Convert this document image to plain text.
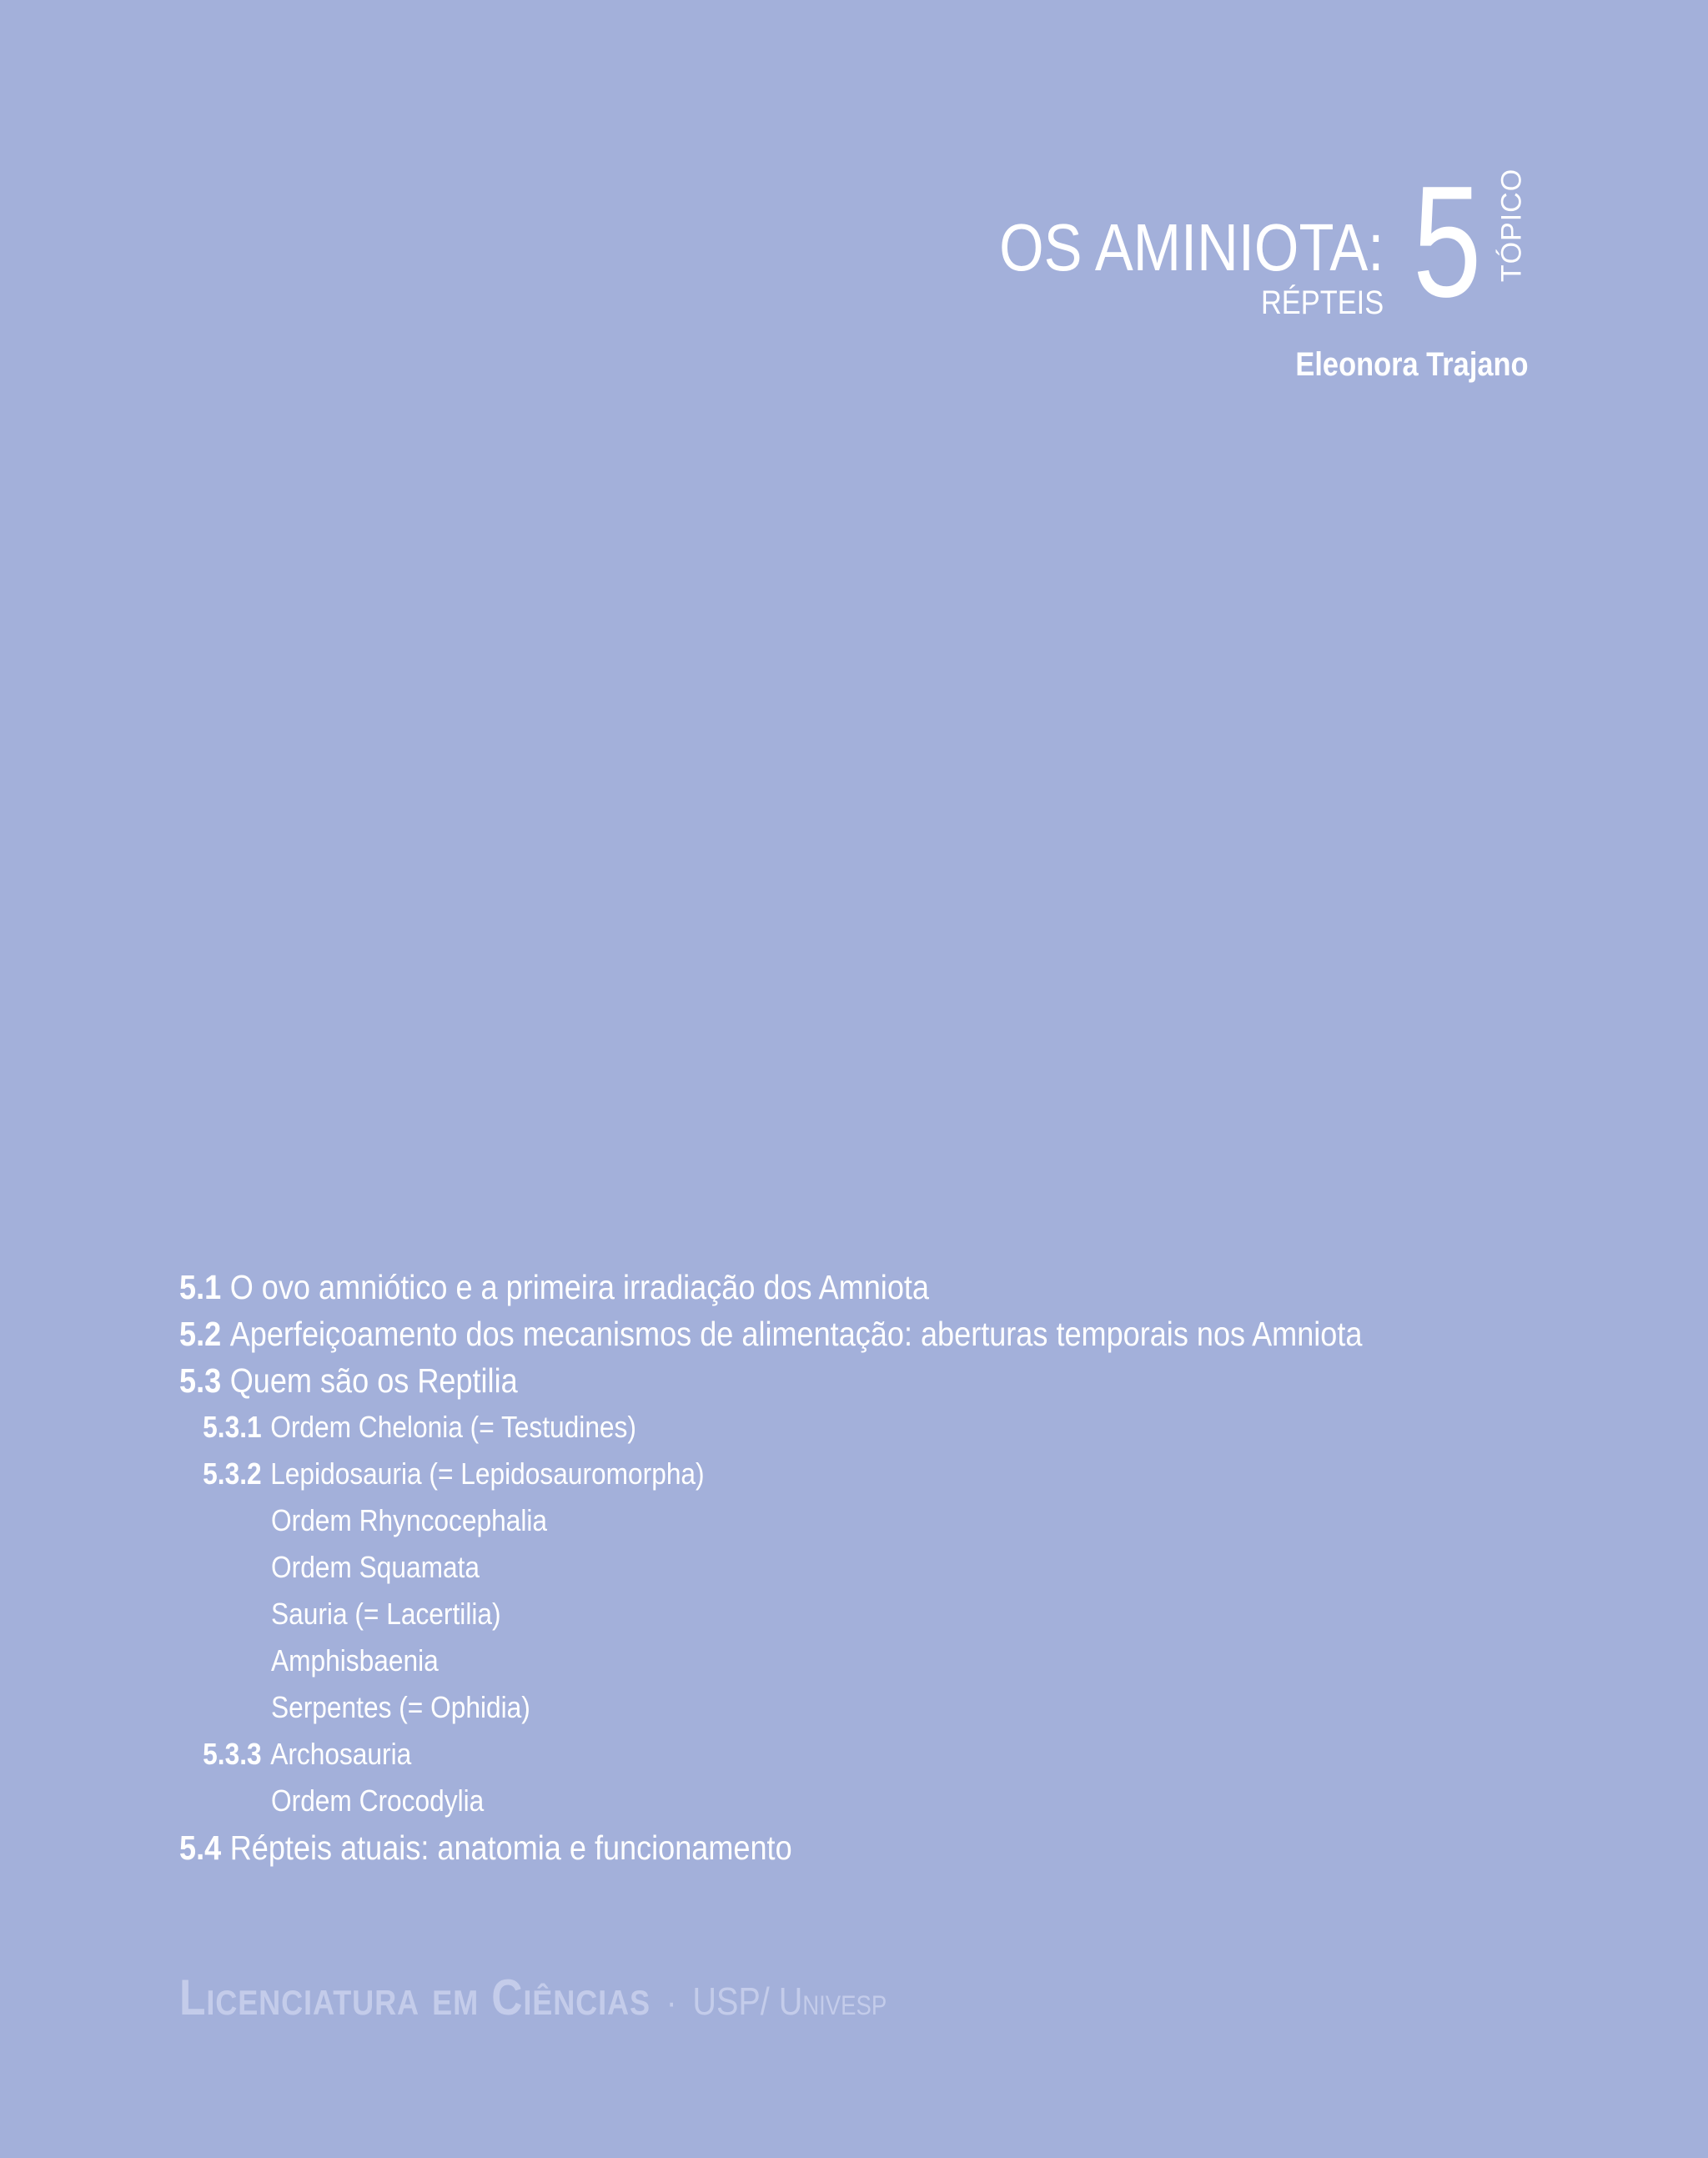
OS AMINIOTA:
RÉPTEIS 5 TÓPICO
Eleonora Trajano
5.1 O ovo amniótico e a primeira irradiação dos Amniota
5.2 Aperfeiçoamento dos mecanismos de alimentação: aberturas temporais nos Amniota
5.3 Quem são os Reptilia
5.3.1 Ordem Chelonia (= Testudines)
5.3.2 Lepidosauria (= Lepidosauromorpha)
Ordem Rhyncocephalia
Ordem Squamata
Sauria (= Lacertilia)
Amphisbaenia
Serpentes (= Ophidia)
5.3.3 Archosauria
Ordem Crocodylia
5.4 Répteis atuais: anatomia e funcionamento
Licenciatura em Ciências · USP/ Univesp
